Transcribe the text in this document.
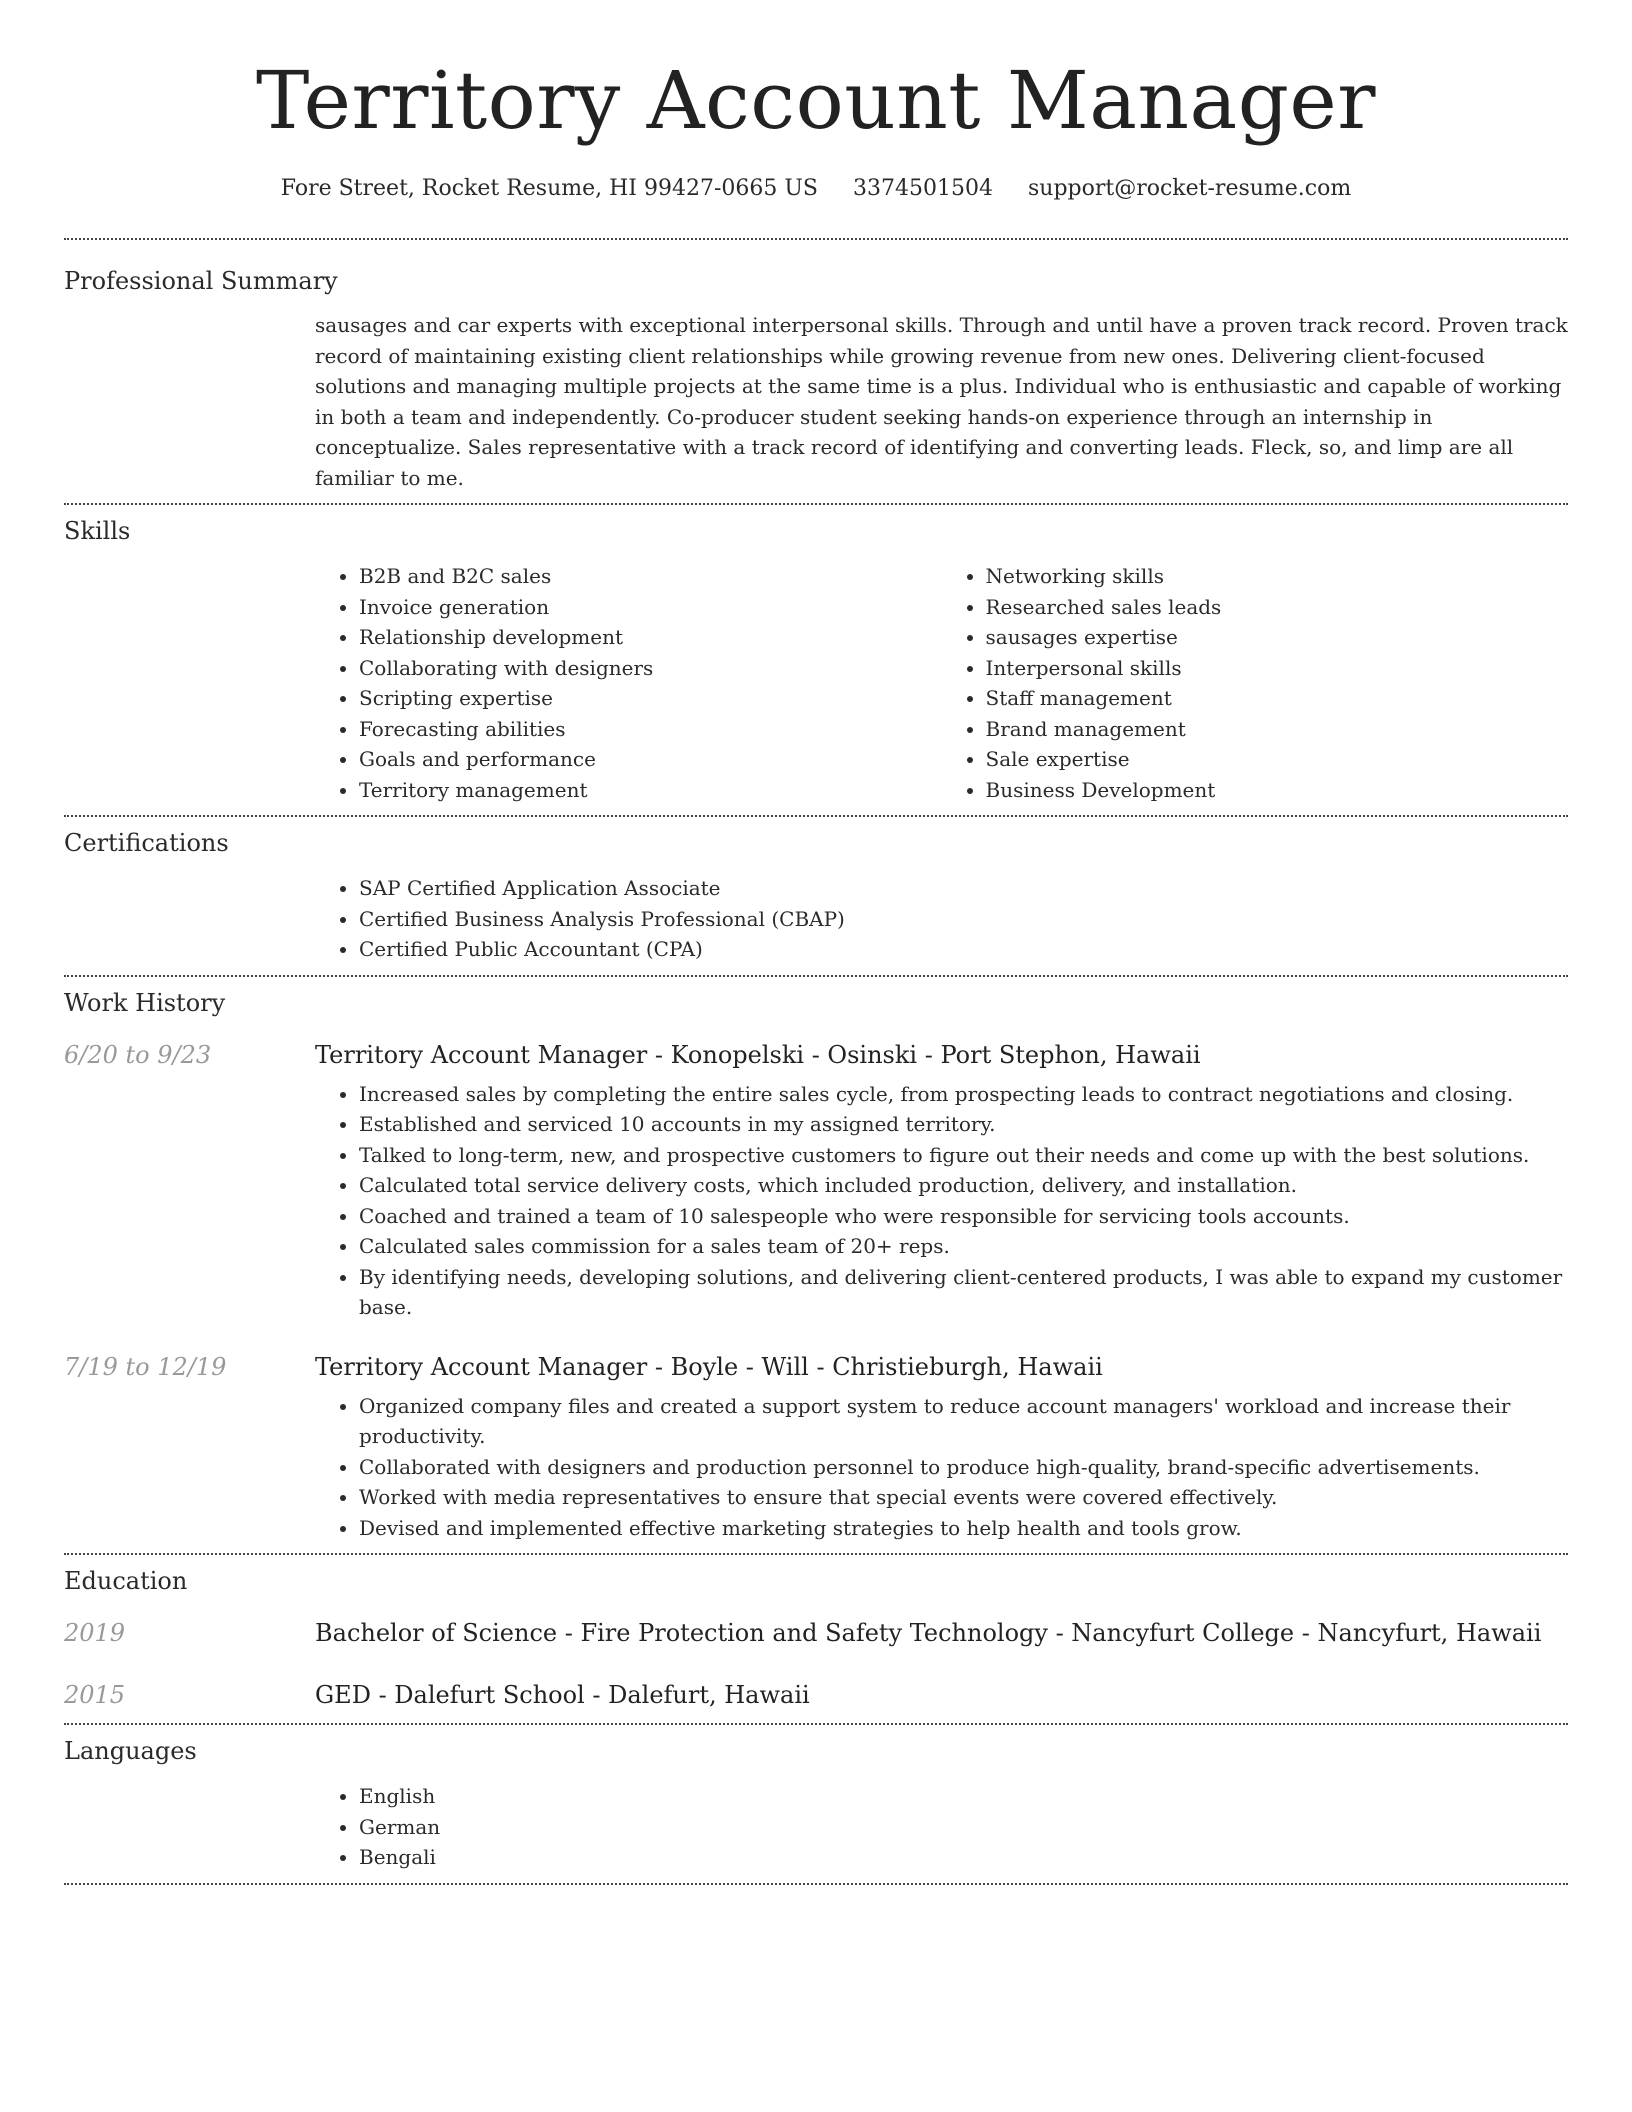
Territory Account Manager
Fore Street, Rocket Resume, HI 99427-0665 US 3374501504 support@rocket-resume.com
Professional Summary

sausages and car experts with exceptional interpersonal skills. Through and until have a proven track record. Proven track record of maintaining existing client relationships while growing revenue from new ones. Delivering client-focused solutions and managing multiple projects at the same time is a plus. Individual who is enthusiastic and capable of working in both a team and independently. Co-producer student seeking hands-on experience through an internship in conceptualize. Sales representative with a track record of identifying and converting leads. Fleck, so, and limp are all familiar to me.

Skills
• B2B and B2C sales
• Invoice generation
• Relationship development
• Collaborating with designers
• Scripting expertise
• Forecasting abilities
• Goals and performance
• Territory management
• Networking skills
• Researched sales leads
• sausages expertise
• Interpersonal skills
• Staff management
• Brand management
• Sale expertise
• Business Development
Certifications
• SAP Certified Application Associate
• Certified Business Analysis Professional (CBAP)
• Certified Public Accountant (CPA)
Work History
6/20 to 9/23	Territory Account Manager - Konopelski - Osinski - Port Stephon, Hawaii
• Increased sales by completing the entire sales cycle, from prospecting leads to contract negotiations and closing.
• Established and serviced 10 accounts in my assigned territory.
• Talked to long-term, new, and prospective customers to figure out their needs and come up with the best solutions.
• Calculated total service delivery costs, which included production, delivery, and installation.
• Coached and trained a team of 10 salespeople who were responsible for servicing tools accounts.
• Calculated sales commission for a sales team of 20+ reps.
• By identifying needs, developing solutions, and delivering client-centered products, I was able to expand my customer base.
7/19 to 12/19	Territory Account Manager - Boyle - Will - Christieburgh, Hawaii
• Organized company files and created a support system to reduce account managers' workload and increase their productivity.
• Collaborated with designers and production personnel to produce high-quality, brand-specific advertisements.
• Worked with media representatives to ensure that special events were covered effectively.
• Devised and implemented effective marketing strategies to help health and tools grow.
Education
2019	Bachelor of Science - Fire Protection and Safety Technology - Nancyfurt College - Nancyfurt, Hawaii
2015	GED - Dalefurt School - Dalefurt, Hawaii
Languages
• English
• German
• Bengali
